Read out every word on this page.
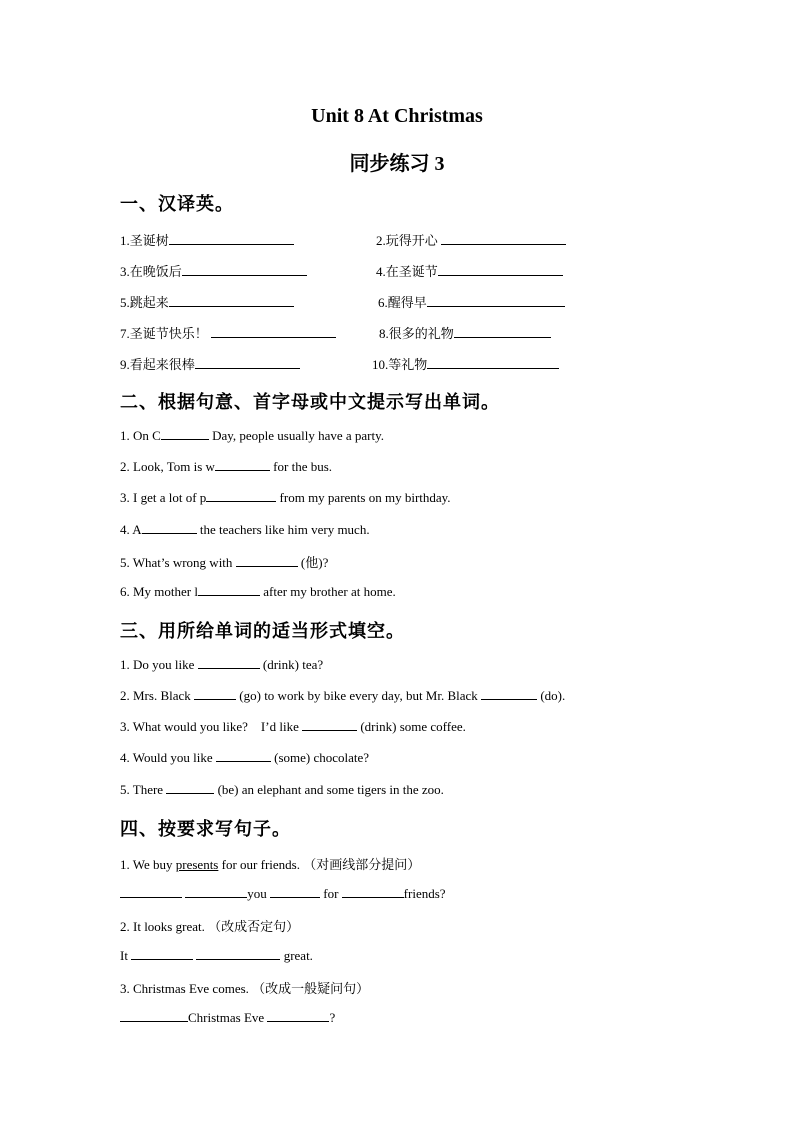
Unit 8 At Christmas
同步练习 3
一、汉译英。
1.圣诞树	2.玩得开心
3.在晚饭后	4.在圣诞节
5.跳起来	6.醒得早
7.圣诞节快乐！	8.很多的礼物
9.看起来很棒	10.等礼物
二、根据句意、首字母或中文提示写出单词。
1. On C	Day, people usually have a party.
2. Look, Tom is w	for the bus.
3. I get a lot of p	from my parents on my birthday.
4. A	the teachers like him very much.
5. What’s wrong with	(他)?
6. My mother l	after my brother at home.
三、用所给单词的适当形式填空。
1. Do you like	(drink) tea?
2. Mrs. Black	(go) to work by bike every day, but Mr. Black	(do).
3. What would you like?    I’d like	(drink) some coffee.
4. Would you like	(some) chocolate?
5. There	(be) an elephant and some tigers in the zoo.
四、按要求写句子。
1. We buy presents for our friends. （对画线部分提问）
you	for	friends?
2. It looks great. （改成否定句）
It	great.
3. Christmas Eve comes. （改成一般疑问句）
Christmas Eve	?
